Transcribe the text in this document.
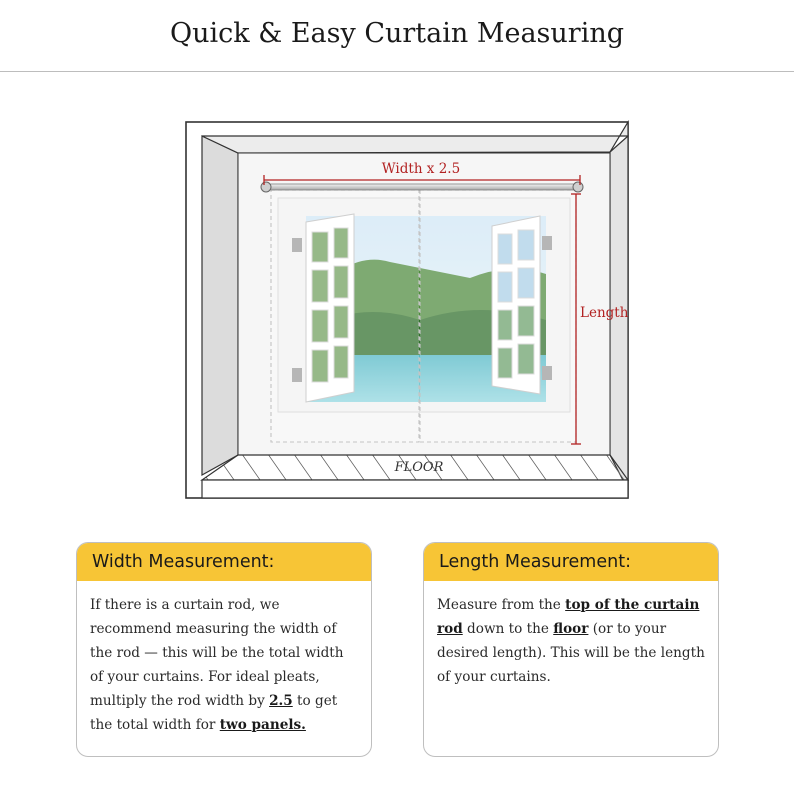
Quick & Easy Curtain Measuring
Width x 2.5
Length
FLOOR
Width Measurement:
If there is a curtain rod, we recommend measuring the width of the rod — this will be the total width of your curtains. For ideal pleats, multiply the rod width by 2.5 to get the total width for two panels.
Length Measurement:
Measure from the top of the curtain rod down to the floor (or to your desired length). This will be the length of your curtains.
